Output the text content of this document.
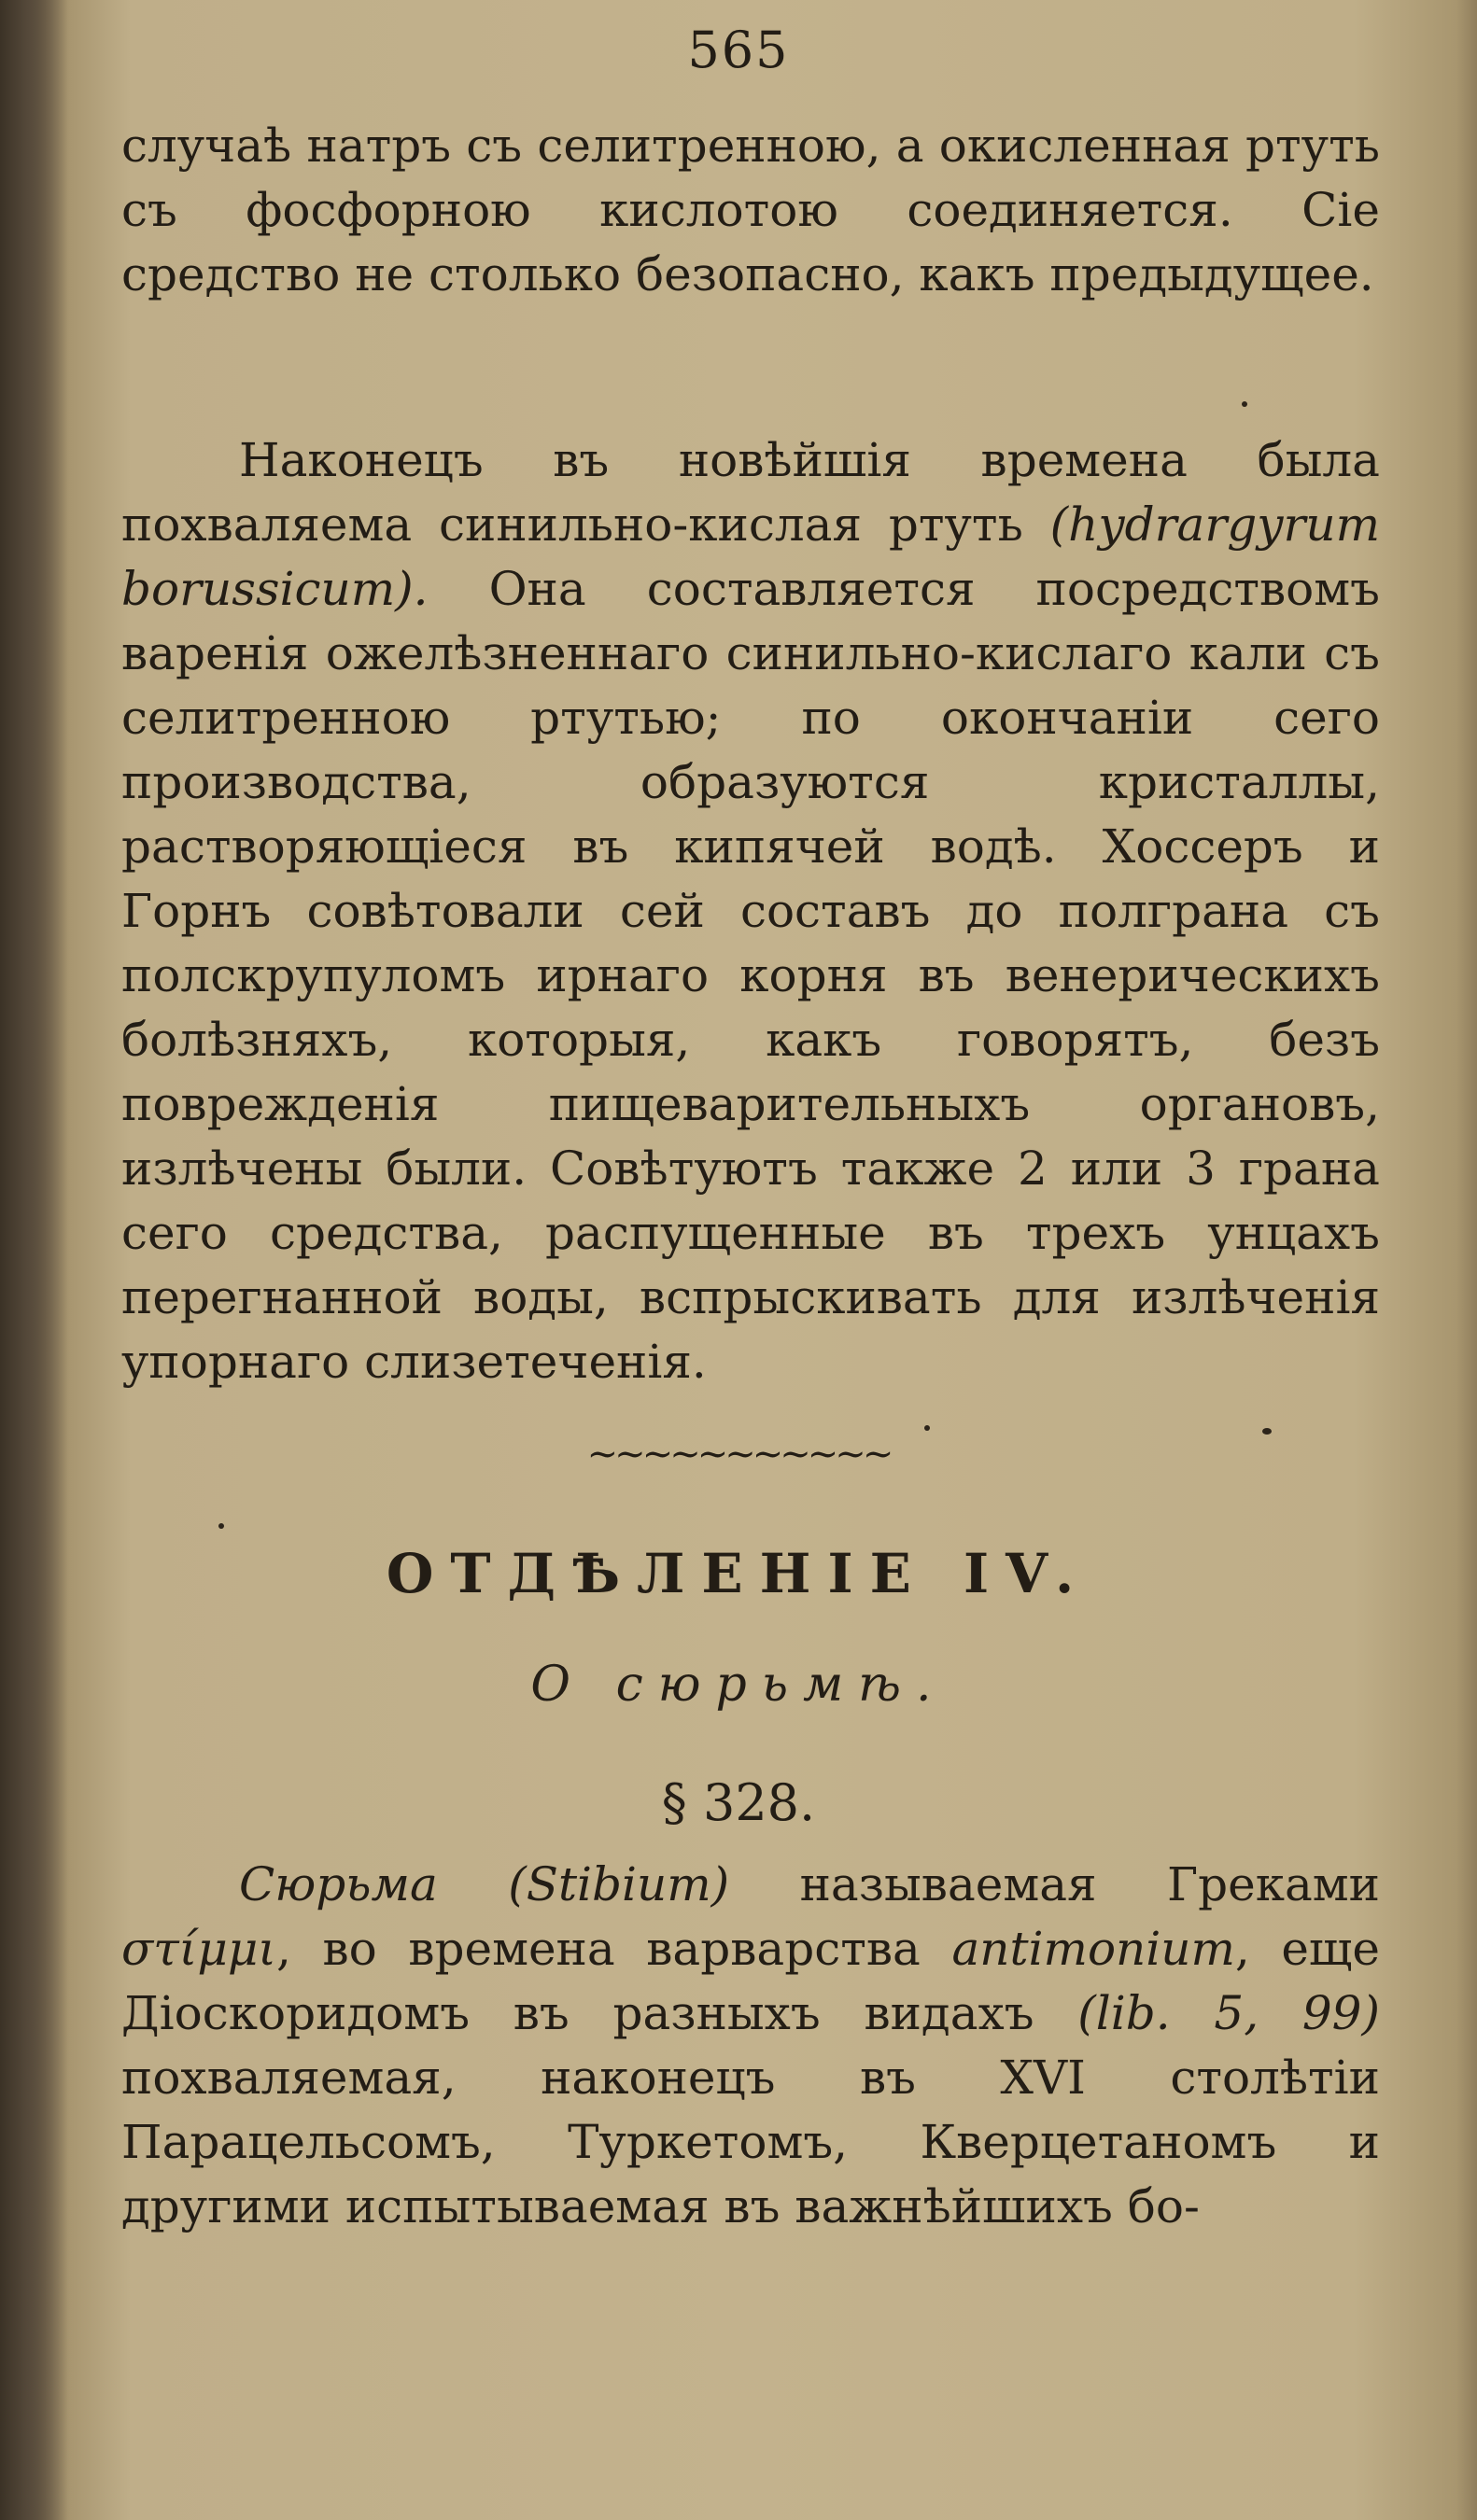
565
случаѣ натръ съ селитренною, а окисленная ртуть съ фосфорною кислотою соединяется. Сіе средство не столько безопасно, какъ предыдущее.
Наконецъ въ новѣйшія времена была похваляема синильно-кислая ртуть (hydrargyrum borussicum). Она составляется посредствомъ варенія ожелѣзненнаго синильно-кислаго кали съ селитренною ртутью; по окончаніи сего производства, образуются кристаллы, растворяющіеся въ кипячей водѣ. Хоссеръ и Горнъ совѣтовали сей составъ до полграна съ полскрупуломъ ирнаго корня въ венерическихъ болѣзняхъ, которыя, какъ говорятъ, безъ поврежденія пищеварительныхъ органовъ, излѣчены были. Совѣтуютъ также 2 или 3 грана сего средства, распущенные въ трехъ унцахъ перегнанной воды, вспрыскивать для излѣченія упорнаго слизетеченія.
~~~~~~~~~~~
ОТДѢЛЕНІЕ IV.
О сюрьмѣ.
§ 328.
Сюрьма (Stibium) называемая Греками στίμμι, во времена варварства antimonium, еще Діоскоридомъ въ разныхъ видахъ (lib. 5, 99) похваляемая, наконецъ въ XVI столѣтіи Парацельсомъ, Туркетомъ, Кверцетаномъ и другими испытываемая въ важнѣйшихъ бо-
